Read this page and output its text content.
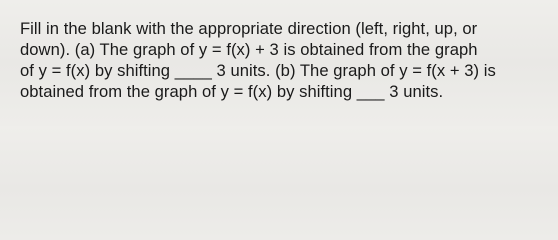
Fill in the blank with the appropriate direction (left, right, up, or
down). (a) The graph of y = f(x) + 3 is obtained from the graph
of y = f(x) by shifting ____ 3 units. (b) The graph of y = f(x + 3) is
obtained from the graph of y = f(x) by shifting ___ 3 units.
